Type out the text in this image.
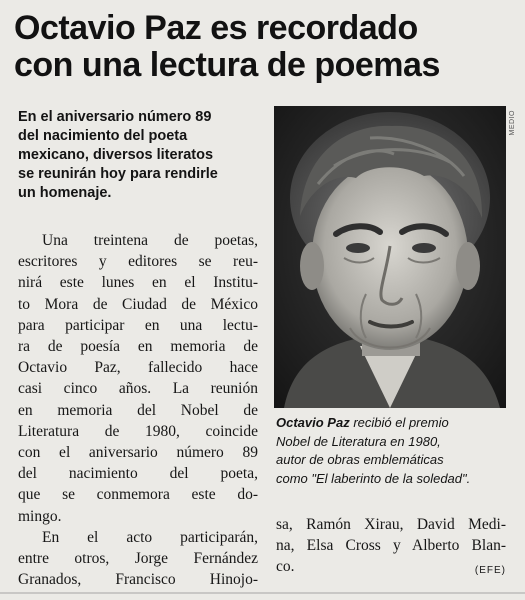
Octavio Paz es recordado
con una lectura de poemas
En el aniversario número 89
del nacimiento del poeta
mexicano, diversos literatos
se reunirán hoy para rendirle
un homenaje.
Una treintena de poetas,
escritores y editores se reu-
nirá este lunes en el Institu-
to Mora de Ciudad de México
para participar en una lectu-
ra de poesía en memoria de
Octavio Paz, fallecido hace
casi cinco años. La reunión
en memoria del Nobel de
Literatura de 1980, coincide
con el aniversario número 89
del nacimiento del poeta,
que se conmemora este do-
mingo.
En el acto participarán,
entre otros, Jorge Fernández
Granados, Francisco Hinojo-
MEDIO
Octavio Paz recibió el premio
Nobel de Literatura en 1980,
autor de obras emblemáticas
como "El laberinto de la soledad".
sa, Ramón Xirau, David Medi-
na, Elsa Cross y Alberto Blan-
co.	(EFE)
